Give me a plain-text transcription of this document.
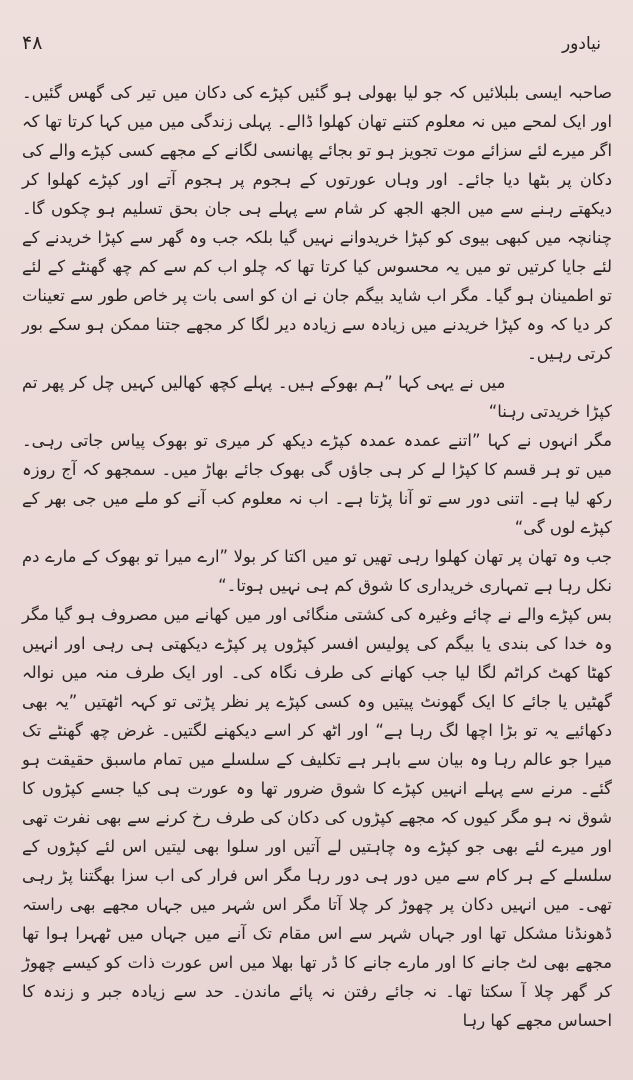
نیادور
۴۸

صاحبہ ایسی بلبلائیں کہ جو لیا بھولی ہو گئیں کپڑے کی دکان میں تیر کی گھس گئیں۔ اور ایک لمحے میں نہ معلوم کتنے تھان کھلوا ڈالے۔ پہلی زندگی میں میں کہا کرتا تھا کہ اگر میرے لئے سزائے موت تجویز ہو تو بجائے پھانسی لگانے کے مجھے کسی کپڑے والے کی دکان پر بٹھا دیا جائے۔ اور وہاں عورتوں کے ہجوم پر ہجوم آتے اور کپڑے کھلوا کر دیکھتے رہنے سے میں الجھ الجھ کر شام سے پہلے ہی جان بحق تسلیم ہو چکوں گا۔ چنانچہ میں کبھی بیوی کو کپڑا خریدوانے نہیں گیا بلکہ جب وہ گھر سے کپڑا خریدنے کے لئے جایا کرتیں تو میں یہ محسوس کیا کرتا تھا کہ چلو اب کم سے کم چھ گھنٹے کے لئے تو اطمینان ہو گیا۔ مگر اب شاید بیگم جان نے ان کو اسی بات پر خاص طور سے تعینات کر دیا کہ وہ کپڑا خریدنے میں زیادہ سے زیادہ دیر لگا کر مجھے جتنا ممکن ہو سکے بور کرتی رہیں۔

میں نے یہی کہا ”ہم بھوکے ہیں۔ پہلے کچھ کھالیں کہیں چل کر پھر تم کپڑا خریدتی رہنا“

مگر انہوں نے کہا ”اتنے عمدہ عمدہ کپڑے دیکھ کر میری تو بھوک پیاس جاتی رہی۔ میں تو ہر قسم کا کپڑا لے کر ہی جاؤں گی بھوک جائے بھاڑ میں۔ سمجھو کہ آج روزہ رکھ لیا ہے۔ اتنی دور سے تو آنا پڑتا ہے۔ اب نہ معلوم کب آنے کو ملے میں جی بھر کے کپڑے لوں گی“

جب وہ تھان پر تھان کھلوا رہی تھیں تو میں اکتا کر بولا ”ارے میرا تو بھوک کے مارے دم نکل رہا ہے تمہاری خریداری کا شوق کم ہی نہیں ہوتا۔“

بس کپڑے والے نے چائے وغیرہ کی کشتی منگائی اور میں کھانے میں مصروف ہو گیا مگر وہ خدا کی بندی یا بیگم کی پولیس افسر کپڑوں پر کپڑے دیکھتی ہی رہی اور انہیں کھٹا کھٹ کراٹم لگا لیا جب کھانے کی طرف نگاہ کی۔ اور ایک طرف منہ میں نوالہ گھٹیں یا جائے کا ایک گھونٹ پیتیں وہ کسی کپڑے پر نظر پڑتی تو کہہ اٹھتیں ”یہ بھی دکھائیے یہ تو بڑا اچھا لگ رہا ہے“ اور اٹھ کر اسے دیکھنے لگتیں۔ غرض چھ گھنٹے تک میرا جو عالم رہا وہ بیان سے باہر ہے تکلیف کے سلسلے میں تمام ماسبق حقیقت ہو گئے۔ مرنے سے پہلے انہیں کپڑے کا شوق ضرور تھا وہ عورت ہی کیا جسے کپڑوں کا شوق نہ ہو مگر کیوں کہ مجھے کپڑوں کی دکان کی طرف رخ کرنے سے بھی نفرت تھی اور میرے لئے بھی جو کپڑے وہ چاہتیں لے آتیں اور سلوا بھی لیتیں اس لئے کپڑوں کے سلسلے کے ہر کام سے میں دور ہی دور رہا مگر اس فرار کی اب سزا بھگتنا پڑ رہی تھی۔ میں انہیں دکان پر چھوڑ کر چلا آتا مگر اس شہر میں جہاں مجھے بھی راستہ ڈھونڈنا مشکل تھا اور جہاں شہر سے اس مقام تک آنے میں جہاں میں ٹھہرا ہوا تھا مجھے بھی لٹ جانے کا اور مارے جانے کا ڈر تھا بھلا میں اس عورت ذات کو کیسے چھوڑ کر گھر چلا آ سکتا تھا۔ نہ جائے رفتن نہ پائے ماندن۔ حد سے زیادہ جبر و زندہ کا احساس مجھے کھا رہا
